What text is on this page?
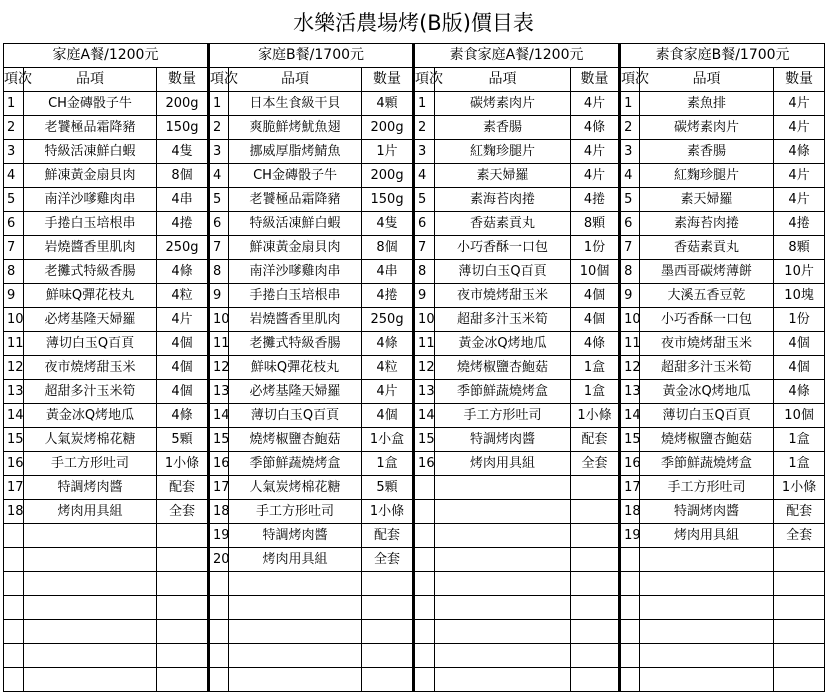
水樂活農場烤(B版)價目表
家庭A餐/1200元			家庭B餐/1700元			素食家庭A餐/1200元			素食家庭B餐/1700元		
項次	品項	數量	項次	品項	數量	項次	品項	數量	項次	品項	數量
1	CH金磚骰子牛	200g	1	日本生食級干貝	4顆	1	碳烤素肉片	4片	1	素魚排	4片
2	老饕極品霜降豬	150g	2	爽脆鮮烤魷魚翅	200g	2	素香腸	4條	2	碳烤素肉片	4片
3	特級活凍鮮白蝦	4隻	3	挪威厚脂烤鯖魚	1片	3	紅麴珍腿片	4片	3	素香腸	4條
4	鮮凍黃金扇貝肉	8個	4	CH金磚骰子牛	200g	4	素天婦羅	4片	4	紅麴珍腿片	4片
5	南洋沙嗲雞肉串	4串	5	老饕極品霜降豬	150g	5	素海苔肉捲	4捲	5	素天婦羅	4片
6	手捲白玉培根串	4捲	6	特級活凍鮮白蝦	4隻	6	香菇素貢丸	8顆	6	素海苔肉捲	4捲
7	岩燒醬香里肌肉	250g	7	鮮凍黃金扇貝肉	8個	7	小巧香酥一口包	1份	7	香菇素貢丸	8顆
8	老攤式特級香腸	4條	8	南洋沙嗲雞肉串	4串	8	薄切白玉Q百頁	10個	8	墨西哥碳烤薄餅	10片
9	鮮味Q彈花枝丸	4粒	9	手捲白玉培根串	4捲	9	夜市燒烤甜玉米	4個	9	大溪五香豆乾	10塊
10	必烤基隆天婦羅	4片	10	岩燒醬香里肌肉	250g	10	超甜多汁玉米筍	4個	10	小巧香酥一口包	1份
11	薄切白玉Q百頁	4個	11	老攤式特級香腸	4條	11	黃金冰Q烤地瓜	4條	11	夜市燒烤甜玉米	4個
12	夜市燒烤甜玉米	4個	12	鮮味Q彈花枝丸	4粒	12	燒烤椒鹽杏鮑菇	1盒	12	超甜多汁玉米筍	4個
13	超甜多汁玉米筍	4個	13	必烤基隆天婦羅	4片	13	季節鮮蔬燒烤盒	1盒	13	黃金冰Q烤地瓜	4條
14	黃金冰Q烤地瓜	4條	14	薄切白玉Q百頁	4個	14	手工方形吐司	1小條	14	薄切白玉Q百頁	10個
15	人氣炭烤棉花糖	5顆	15	燒烤椒鹽杏鮑菇	1小盒	15	特調烤肉醬	配套	15	燒烤椒鹽杏鮑菇	1盒
16	手工方形吐司	1小條	16	季節鮮蔬燒烤盒	1盒	16	烤肉用具組	全套	16	季節鮮蔬燒烤盒	1盒
17	特調烤肉醬	配套	17	人氣炭烤棉花糖	5顆				17	手工方形吐司	1小條
18	烤肉用具組	全套	18	手工方形吐司	1小條				18	特調烤肉醬	配套
			19	特調烤肉醬	配套				19	烤肉用具組	全套
			20	烤肉用具組	全套						
